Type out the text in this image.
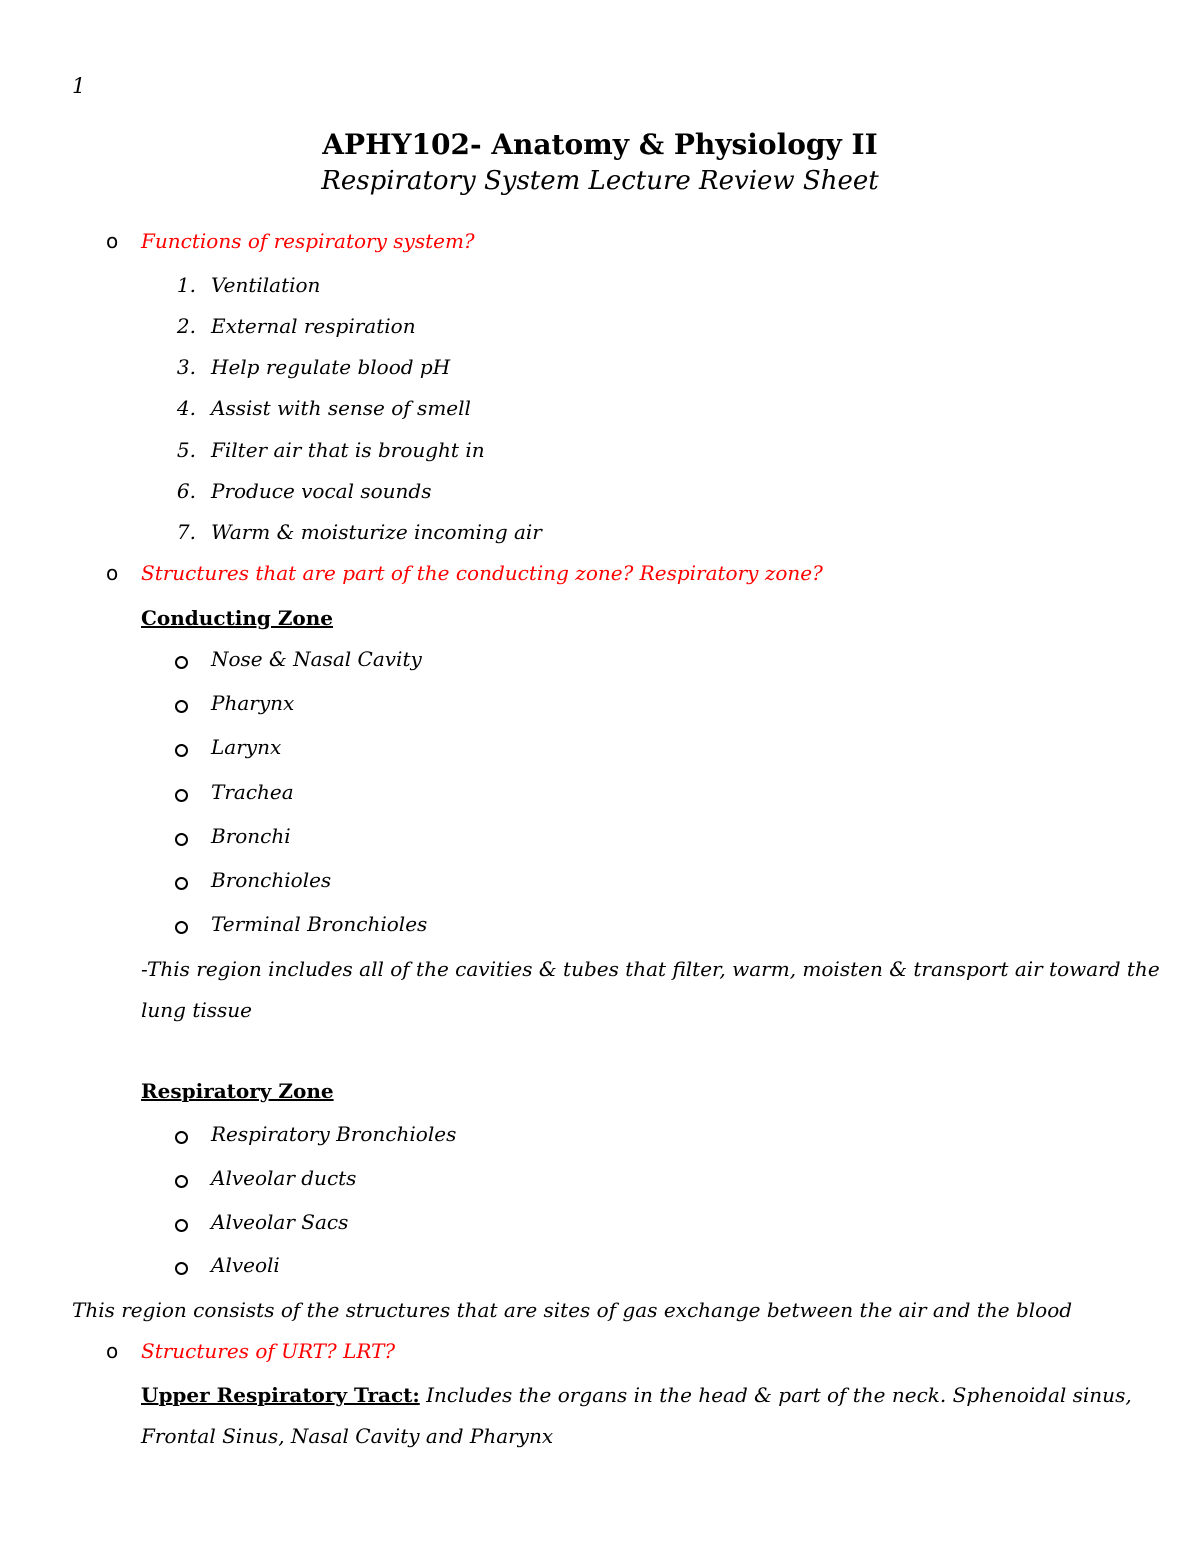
1
APHY102- Anatomy & Physiology II
Respiratory System Lecture Review Sheet
o Functions of respiratory system?
1. Ventilation
2. External respiration
3. Help regulate blood pH
4. Assist with sense of smell
5. Filter air that is brought in
6. Produce vocal sounds
7. Warm & moisturize incoming air
o Structures that are part of the conducting zone? Respiratory zone?
Conducting Zone
Nose & Nasal Cavity
Pharynx
Larynx
Trachea
Bronchi
Bronchioles
Terminal Bronchioles
-This region includes all of the cavities & tubes that filter, warm, moisten & transport air toward the
lung tissue
Respiratory Zone
Respiratory Bronchioles
Alveolar ducts
Alveolar Sacs
Alveoli
This region consists of the structures that are sites of gas exchange between the air and the blood
o Structures of URT? LRT?
Upper Respiratory Tract: Includes the organs in the head & part of the neck. Sphenoidal sinus,
Frontal Sinus, Nasal Cavity and Pharynx
